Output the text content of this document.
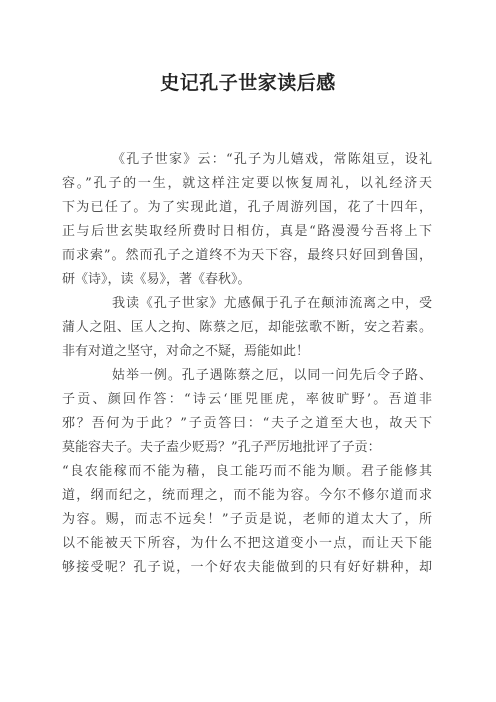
史记孔子世家读后感
《孔子世家》云：“孔子为儿嬉戏，常陈俎豆，设礼
容。”孔子的一生，就这样注定要以恢复周礼，以礼经济天
下为已任了。为了实现此道，孔子周游列国，花了十四年，
正与后世玄奘取经所费时日相仿，真是“路漫漫兮吾将上下
而求索”。然而孔子之道终不为天下容，最终只好回到鲁国，
研《诗》，读《易》，著《春秋》。
我读《孔子世家》尤感佩于孔子在颠沛流离之中，受
蒲人之阻、匡人之拘、陈蔡之厄，却能弦歌不断，安之若素。
非有对道之坚守，对命之不疑，焉能如此！
姑举一例。孔子遇陈蔡之厄，以同一问先后令子路、
子贡、颜回作答：“诗云‘匪兕匪虎，率彼旷野’。吾道非
邪？吾何为于此？”子贡答曰：“夫子之道至大也，故天下
莫能容夫子。夫子盍少贬焉？”孔子严厉地批评了子贡：
“良农能稼而不能为穑，良工能巧而不能为顺。君子能修其
道，纲而纪之，统而理之，而不能为容。今尔不修尔道而求
为容。赐，而志不远矣！”子贡是说，老师的道太大了，所
以不能被天下所容，为什么不把这道变小一点，而让天下能
够接受呢？孔子说，一个好农夫能做到的只有好好耕种，却
